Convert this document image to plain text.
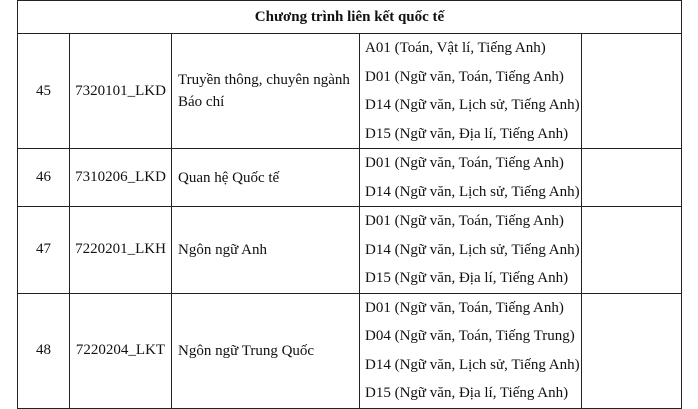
Chương trình liên kết quốc tế				
45	7320101_LKD	Truyền thông, chuyên ngành Báo chí	A01 (Toán, Vật lí, Tiếng Anh)
D01 (Ngữ văn, Toán, Tiếng Anh)
D14 (Ngữ văn, Lịch sử, Tiếng Anh)
D15 (Ngữ văn, Địa lí, Tiếng Anh)	

46	7310206_LKD	Quan hệ Quốc tế	D01 (Ngữ văn, Toán, Tiếng Anh)
D14 (Ngữ văn, Lịch sử, Tiếng Anh)	

47	7220201_LKH	Ngôn ngữ Anh	D01 (Ngữ văn, Toán, Tiếng Anh)
D14 (Ngữ văn, Lịch sử, Tiếng Anh)
D15 (Ngữ văn, Địa lí, Tiếng Anh)	

48	7220204_LKT	Ngôn ngữ Trung Quốc	D01 (Ngữ văn, Toán, Tiếng Anh)
D04 (Ngữ văn, Toán, Tiếng Trung)
D14 (Ngữ văn, Lịch sử, Tiếng Anh)
D15 (Ngữ văn, Địa lí, Tiếng Anh)	
